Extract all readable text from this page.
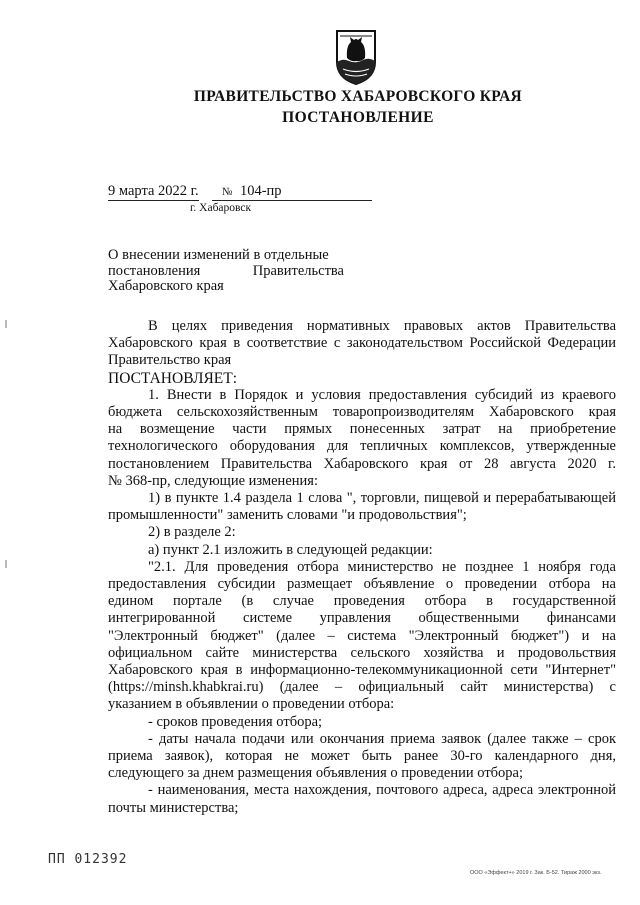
ПРАВИТЕЛЬСТВО ХАБАРОВСКОГО КРАЯ
ПОСТАНОВЛЕНИЕ
9 марта 2022 г. № 104-пр
г. Хабаровск
О внесении изменений в отдельные
постановления	Правительства
Хабаровского края

В целях приведения нормативных правовых актов Правительства

Хабаровского края в соответствие с законодательством Российской Федерации

Правительство края

ПОСТАНОВЛЯЕТ:

1. Внести в Порядок и условия предоставления субсидий из краевого

бюджета сельскохозяйственным товаропроизводителям Хабаровского края

на возмещение части прямых понесенных затрат на приобретение

технологического оборудования для тепличных комплексов, утвержденные

постановлением Правительства Хабаровского края от 28 августа 2020 г.

№ 368-пр, следующие изменения:

1) в пункте 1.4 раздела 1 слова ", торговли, пищевой и перерабатывающей

промышленности" заменить словами "и продовольствия";

2) в разделе 2:

а) пункт 2.1 изложить в следующей редакции:

"2.1. Для проведения отбора министерство не позднее 1 ноября года

предоставления субсидии размещает объявление о проведении отбора на

едином портале (в случае проведения отбора в государственной

интегрированной системе управления общественными финансами

"Электронный бюджет" (далее – система "Электронный бюджет") и на

официальном сайте министерства сельского хозяйства и продовольствия

Хабаровского края в информационно-телекоммуникационной сети "Интернет"

(https://minsh.khabkrai.ru) (далее – официальный сайт министерства) с

указанием в объявлении о проведении отбора:

- сроков проведения отбора;

- даты начала подачи или окончания приема заявок (далее также – срок

приема заявок), которая не может быть ранее 30-го календарного дня,

следующего за днем размещения объявления о проведении отбора;

- наименования, места нахождения, почтового адреса, адреса электронной

почты министерства;

ПП 012392
ООО «Эффект+» 2019 г. Зак. Б-52. Тираж 2000 экз.
